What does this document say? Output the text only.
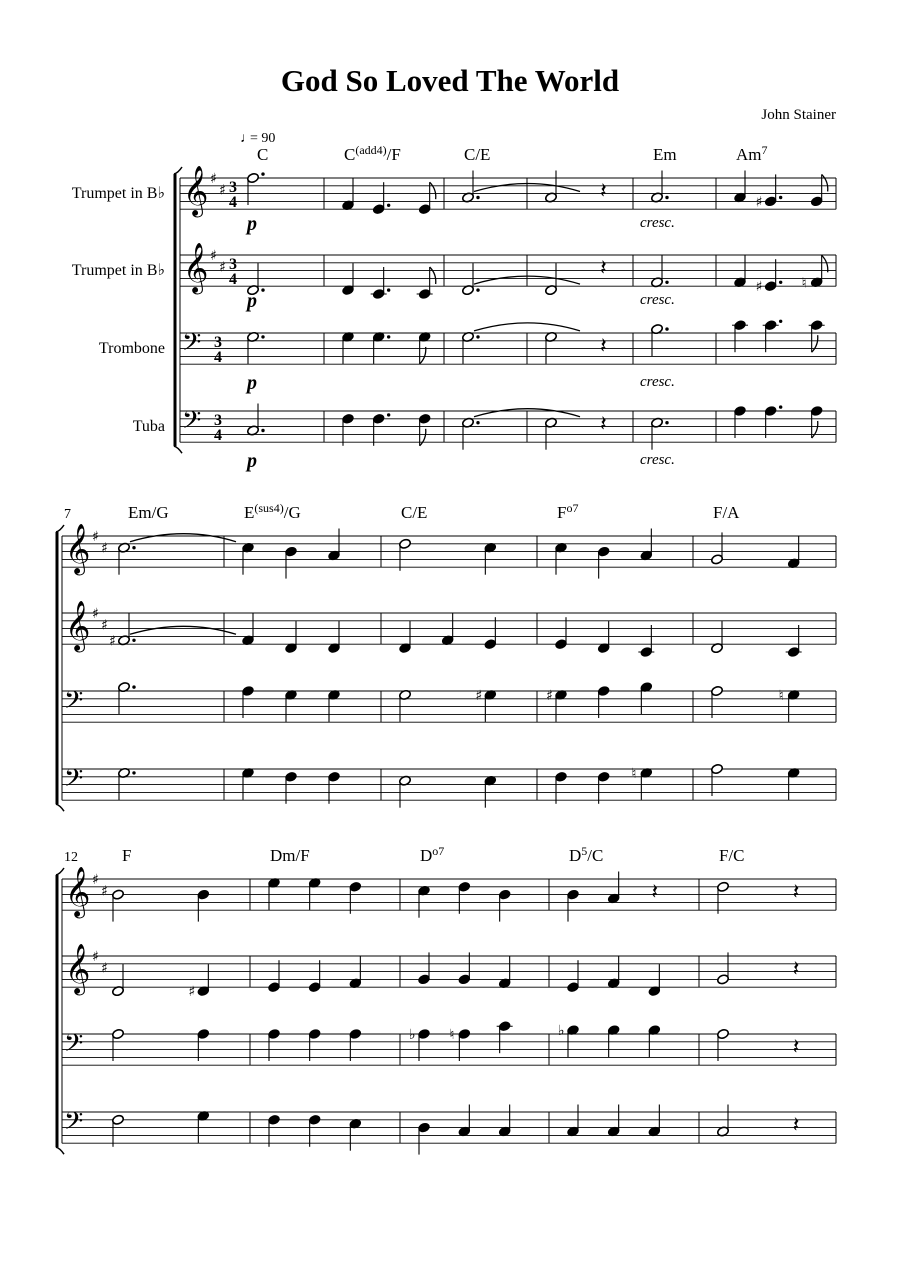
God So Loved The World
John Stainer
♩
= 90
C	$C^{(add4)}/F$	C/E	Em	Am$^7$
Trumpet in B♭ 𝄞 ♯
♯ 3
4	𝄽	♯
p	cresc.
Trumpet in B♭ 𝄞 ♯
♯ 3
4	𝄽
♯	♮
p	cresc.
Trombone 𝄢 3
4	𝄽
p	cresc.
Tuba 𝄢 3
4	𝄽
p	cresc.
7	Em/G	$E^{(sus4)}/G$	C/E	$F^{o7}$	F/A
𝄞 ♯
♯
𝄞 ♯
♯
♯
𝄢	♯	♯	♮
𝄢	♮
12	F	Dm/F	$D^{o7}$	$D^5/C$	F/C
𝄞 ♯
♯	𝄽	𝄽
𝄞 ♯
♯
♯
𝄽
𝄢	♭ ♮	♭
𝄽
𝄢	𝄽
